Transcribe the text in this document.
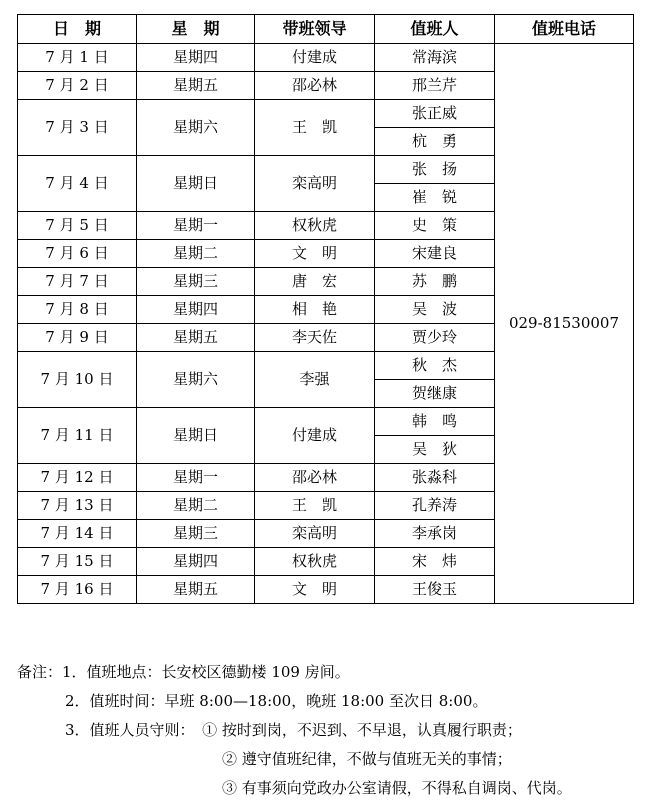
日　期	星　期	带班领导	值班人	值班电话
7 月 1 日	星期四	付建成	常海滨	029-81530007
7 月 2 日	星期五	邵必林	邢兰芹	
7 月 3 日	星期六	王　凯	张正威	
			杭　勇	
7 月 4 日	星期日	栾高明	张　扬	
			崔　锐	
7 月 5 日	星期一	权秋虎	史　策	
7 月 6 日	星期二	文　明	宋建良	
7 月 7 日	星期三	唐　宏	苏　鹏	
7 月 8 日	星期四	相　艳	吴　波	
7 月 9 日	星期五	李天佐	贾少玲	
7 月 10 日	星期六	李强	秋　杰	
			贺继康	
7 月 11 日	星期日	付建成	韩　鸣	
			吴　狄	
7 月 12 日	星期一	邵必林	张淼科	
7 月 13 日	星期二	王　凯	孔养涛	
7 月 14 日	星期三	栾高明	李承岗	
7 月 15 日	星期四	权秋虎	宋　炜	
7 月 16 日	星期五	文　明	王俊玉	
备注：1．值班地点：长安校区德勤楼 109 房间。
2．值班时间：早班 8:00—18:00，晚班 18:00 至次日 8:00。
3．值班人员守则：　 ① 按时到岗，不迟到、不早退，认真履行职责；
② 遵守值班纪律，不做与值班无关的事情；
③ 有事须向党政办公室请假，不得私自调岗、代岗。
